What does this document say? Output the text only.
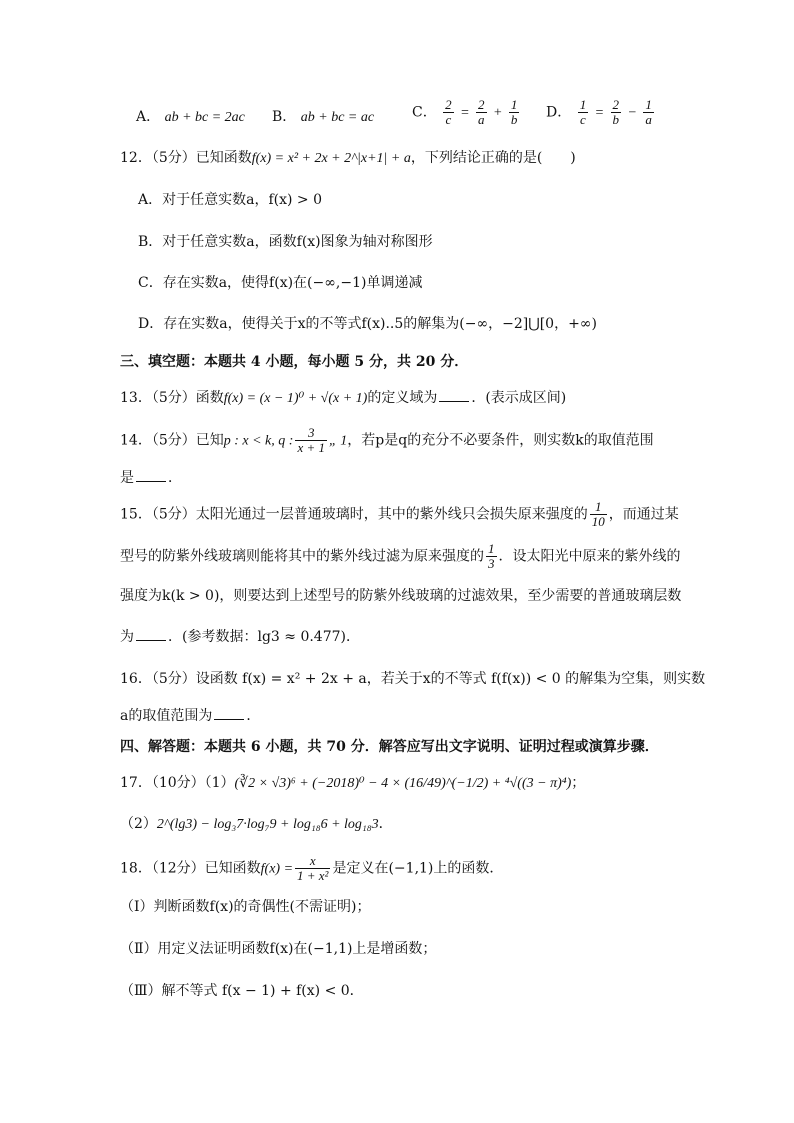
A． ab + bc = 2ac B． ab + bc = ac	C． $\frac{2}{c} = \frac{2}{a} + \frac{1}{b}$ D． $\frac{1}{c} = \frac{2}{b} - \frac{1}{a}$
12．（5分）已知函数f(x) = x² + 2x + 2^|x+1| + a，下列结论正确的是(　　)
A．对于任意实数a，f(x) > 0
B．对于任意实数a，函数f(x)图象为轴对称图形
C．存在实数a，使得f(x)在(−∞,−1)单调递减
D．存在实数a，使得关于x的不等式f(x)..5的解集为(−∞，−2]⋃[0，+∞)
三、填空题：本题共 4 小题，每小题 5 分，共 20 分．
13．（5分）函数f(x) = (x − 1)⁰ + √(x + 1)的定义域为 ．(表示成区间)
14．（5分）已知p : x < k, q : $\frac{3}{x + 1}$ „ 1，若p是q的充分不必要条件，则实数k的取值范围
是 ．
15．（5分）太阳光通过一层普通玻璃时，其中的紫外线只会损失原来强度的 $\frac{1}{10}$ ，而通过某
型号的防紫外线玻璃则能将其中的紫外线过滤为原来强度的 $\frac{1}{3}$ ．设太阳光中原来的紫外线的
强度为k(k > 0)，则要达到上述型号的防紫外线玻璃的过滤效果，至少需要的普通玻璃层数
为 ．(参考数据：lg3 ≈ 0.477)．
16．（5分）设函数 f(x) = x² + 2x + a，若关于x的不等式 f(f(x)) < 0 的解集为空集，则实数
a的取值范围为 ．
四、解答题：本题共 6 小题，共 70 分．解答应写出文字说明、证明过程或演算步骤．
17．（10分）（1）(∛2 × √3)⁶ + (−2018)⁰ − 4 × (16/49)^(−1/2) + ⁴√((3 − π)⁴)；
（2）2^(lg3) − log₃7·log₇9 + log₁₈6 + log₁₈3．
18．（12分）已知函数$f(x) = \frac{x}{\text{1 + x²}}$ 是定义在(−1,1)上的函数．
（Ⅰ）判断函数f(x)的奇偶性(不需证明)；
（Ⅱ）用定义法证明函数f(x)在(−1,1)上是增函数；
（Ⅲ）解不等式 f(x − 1) + f(x) < 0．
